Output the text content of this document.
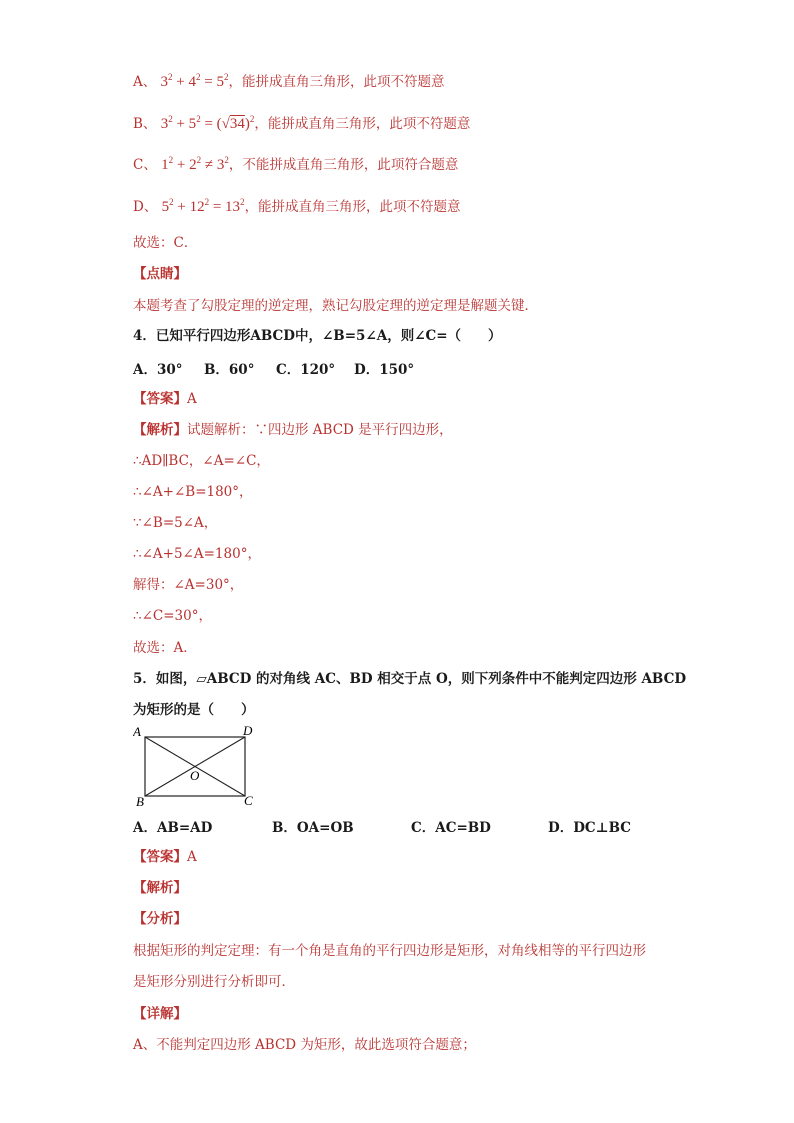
A、 $3^2 + 4^2 = 5^2$，能拼成直角三角形，此项不符题意
B、 $3^2 + 5^2 = (√34)^2$，能拼成直角三角形，此项不符题意
C、 $1^2 + 2^2 \ne 3^2$，不能拼成直角三角形，此项符合题意
D、 $5^2 + 12^2 = 13^2$，能拼成直角三角形，此项不符题意
故选：C．
【点睛】
本题考查了勾股定理的逆定理，熟记勾股定理的逆定理是解题关键．
4．已知平行四边形ABCD中，∠B=5∠A，则∠C=（　　）
A．30° B．60° C．120° D．150°
【答案】A
【解析】试题解析：∵四边形 ABCD 是平行四边形，
∴AD∥BC，∠A=∠C，
∴∠A+∠B=180°，
∵∠B=5∠A，
∴∠A+5∠A=180°，
解得：∠A=30°，
∴∠C=30°，
故选：A．
5．如图，▱ABCD 的对角线 AC、BD 相交于点 O，则下列条件中不能判定四边形 ABCD
为矩形的是（　　）
A	D
B	C
O
A．AB=AD	B．OA=OB	C．AC=BD	D．DC⊥BC
【答案】A
【解析】
【分析】
根据矩形的判定定理：有一个角是直角的平行四边形是矩形，对角线相等的平行四边形
是矩形分别进行分析即可．
【详解】
A、不能判定四边形 ABCD 为矩形，故此选项符合题意；
